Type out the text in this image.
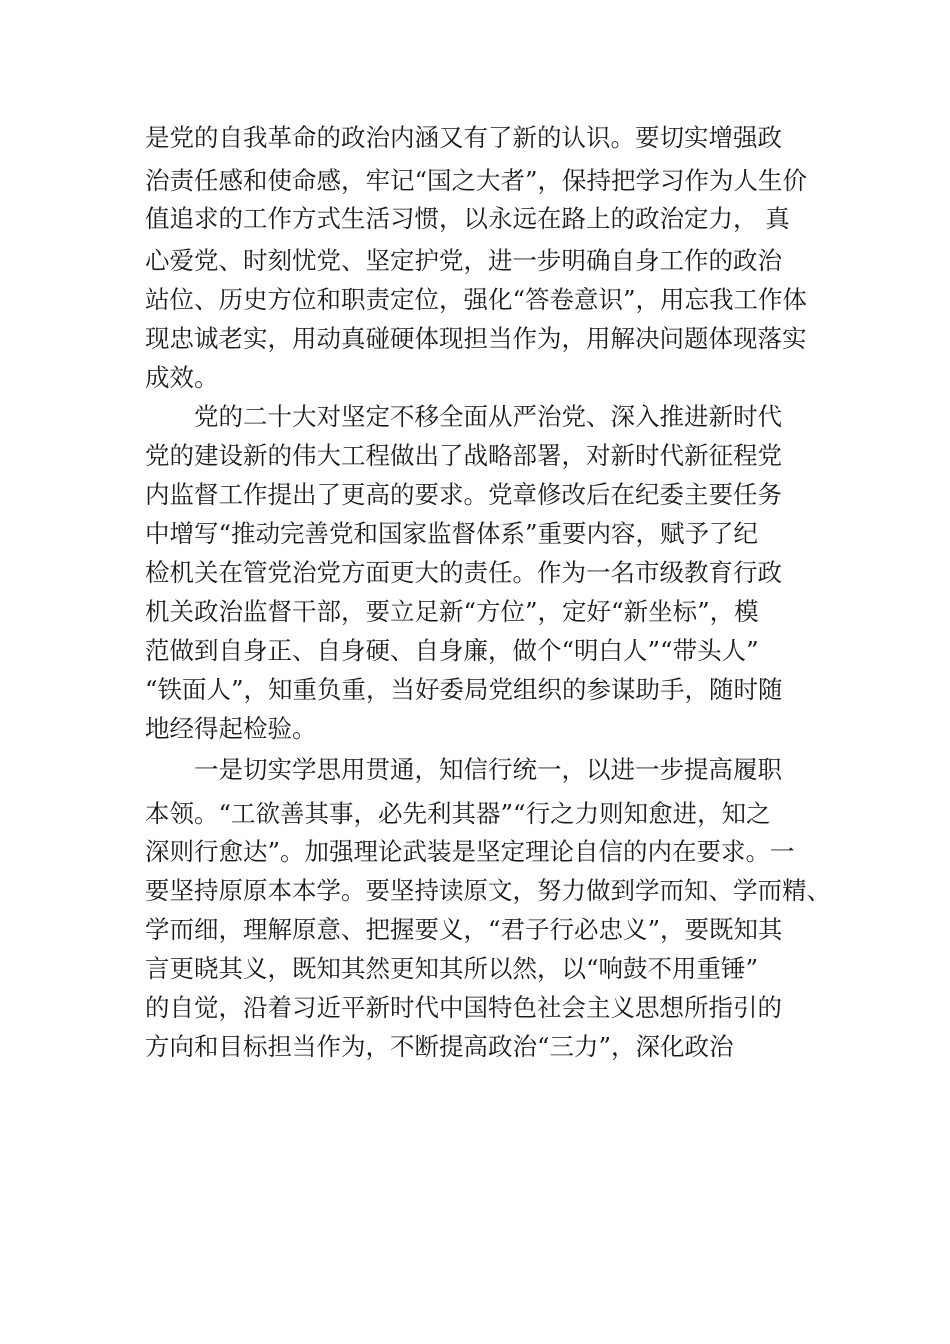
是党的自我革命的政治内涵又有了新的认识。要切实增强政
治责任感和使命感，牢记“国之大者”，保持把学习作为人生价
值追求的工作方式生活习惯，以永远在路上的政治定力， 真
心爱党、时刻忧党、坚定护党，进一步明确自身工作的政治
站位、历史方位和职责定位，强化“答卷意识”，用忘我工作体
现忠诚老实，用动真碰硬体现担当作为，用解决问题体现落实
成效。
党的二十大对坚定不移全面从严治党、深入推进新时代
党的建设新的伟大工程做出了战略部署，对新时代新征程党
内监督工作提出了更高的要求。党章修改后在纪委主要任务
中增写“推动完善党和国家监督体系”重要内容，赋予了纪
检机关在管党治党方面更大的责任。作为一名市级教育行政
机关政治监督干部，要立足新“方位”，定好“新坐标”，模
范做到自身正、自身硬、自身廉，做个“明白人”“带头人”
“铁面人”，知重负重，当好委局党组织的参谋助手，随时随
地经得起检验。
一是切实学思用贯通，知信行统一，以进一步提高履职
本领。“工欲善其事，必先利其器”“行之力则知愈进，知之
深则行愈达”。加强理论武装是坚定理论自信的内在要求。一
要坚持原原本本学。要坚持读原文，努力做到学而知、学而精、
学而细，理解原意、把握要义，“君子行必忠义”，要既知其
言更晓其义，既知其然更知其所以然，以“响鼓不用重锤”
的自觉，沿着习近平新时代中国特色社会主义思想所指引的
方向和目标担当作为，不断提高政治“三力”，深化政治
